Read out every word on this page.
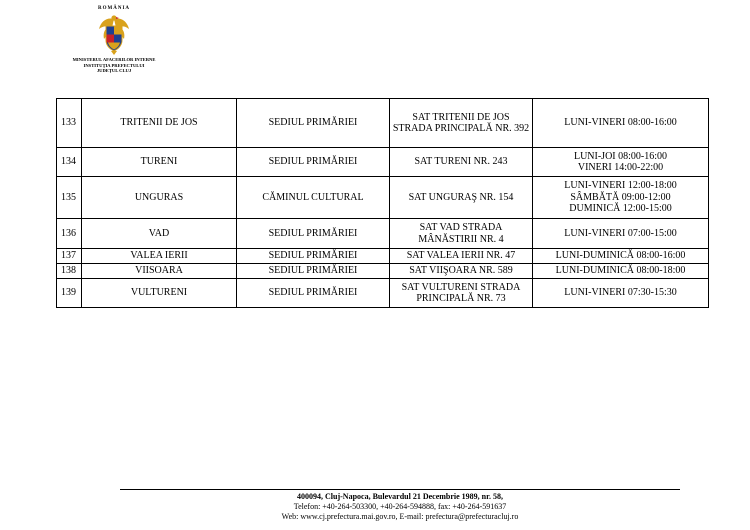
ROMÂNIA
MINISTERUL AFACERILOR INTERNE
INSTITUŢIA PREFECTULUI
JUDEŢUL CLUJ
133	TRITENII DE JOS	SEDIUL PRIMĂRIEI	SAT TRITENII DE JOS STRADA PRINCIPALĂ NR. 392	LUNI-VINERI 08:00-16:00
134	TURENI	SEDIUL PRIMĂRIEI	SAT TURENI NR. 243	LUNI-JOI 08:00-16:00
VINERI 14:00-22:00
135	UNGURAS	CĂMINUL CULTURAL	SAT UNGURAŞ NR. 154	LUNI-VINERI 12:00-18:00
SÂMBĂTĂ 09:00-12:00
DUMINICĂ 12:00-15:00
136	VAD	SEDIUL PRIMĂRIEI	SAT VAD STRADA MÂNĂSTIRII NR. 4	LUNI-VINERI 07:00-15:00
137	VALEA IERII	SEDIUL PRIMĂRIEI	SAT VALEA IERII NR. 47	LUNI-DUMINICĂ 08:00-16:00
138	VIISOARA	SEDIUL PRIMĂRIEI	SAT VIIŞOARA NR. 589	LUNI-DUMINICĂ 08:00-18:00
139	VULTURENI	SEDIUL PRIMĂRIEI	SAT VULTURENI STRADA PRINCIPALĂ NR. 73	LUNI-VINERI 07:30-15:30
400094, Cluj-Napoca, Bulevardul 21 Decembrie 1989, nr. 58,
Telefon: +40-264-503300, +40-264-594888, fax: +40-264-591637
Web: www.cj.prefectura.mai.gov.ro, E-mail: prefectura@prefecturacluj.ro
